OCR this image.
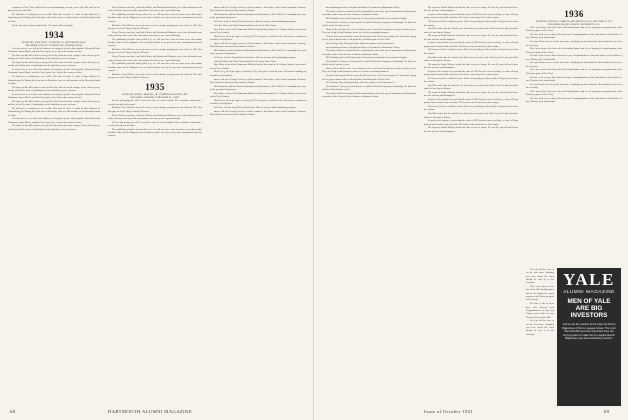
responses in New York. John has been in broadcasting for nine years with ABC and for the past two years with CBS.

We still have a wedding once in a while. This time it's June 1, a date of Dan Hackett's in Johnsonburg, Pa. During all of his time in Brooklyn, June is a full member of the Brooklyn board of Trade.

By the time this column is printed the '33 crowd will be set again.

1934
Secretary, John Foley, 27 Beverly St., Winchester, Mass.
Treasurer, Bob Gee, 2 Parkway Rd., Boxford, Mass.

It seems now we are still at the business of trying to get the class together. Memorial Fund Chairman, James Muriel, and the Class Agent, Leo, look to the reunion of June.

The hope for this fall is that we can get all of the class out of the ravages of the old war years, and the job will be done. Contributions to the fund this year are welcome.

The hope for this fall is that we can get all of the class out of the ravages of the old war years, and the job will be done. Contributions to the fund this year are welcome.

It seems now we are still at the business of trying to get the class together. Memorial Fund Chairman, James Muriel, and the Class Agent, Leo, look to the reunion of June.

We still have a wedding once in a while. This time it's June 1, a date of Dan Hackett's in Johnsonburg, Pa. During all of his time in Brooklyn, June is a full member of the Brooklyn board of Trade.

The hope for this fall is that we can get all of the class out of the ravages of the old war years, and the job will be done. Contributions to the fund this year are welcome.

It seems now we are still at the business of trying to get the class together. Memorial Fund Chairman, James Muriel, and the Class Agent, Leo, look to the reunion of June.

The hope for this fall is that we can get all of the class out of the ravages of the old war years, and the job will be done. Contributions to the fund this year are welcome.

We still have a wedding once in a while. This time it's June 1, a date of Dan Hackett's in Johnsonburg, Pa. During all of his time in Brooklyn, June is a full member of the Brooklyn board of Trade.

It seems now we are still at the business of trying to get the class together. Memorial Fund Chairman, James Muriel, and the Class Agent, Leo, look to the reunion of June.

The hope for this fall is that we can get all of the class out of the ravages of the old war years, and the job will be done. Contributions to the fund this year are welcome.

Henry Theurer was there, and Jack Gilbert, and Dennis and Harrison, two of the stalwarts in our ranks who have been out of the class picture for some years. A good showing.

The publishing schedule being what it is, we will not have room for more news this month. Deadline dates for the Magazine are too short to allow us to get in any more information from the reunion.

Mention of Fred Weise's son in the news we have another young man in the Class of 1955 who has gone on to the Thayer School. Welcome.

Henry Theurer was there, and Jack Gilbert, and Dennis and Harrison, two of the stalwarts in our ranks who have been out of the class picture for some years. A good showing.

The publishing schedule being what it is, we will not have room for more news this month. Deadline dates for the Magazine are too short to allow us to get in any more information from the reunion.

Mention of Fred Weise's son in the news we have another young man in the Class of 1955 who has gone on to the Thayer School. Welcome.

Henry Theurer was there, and Jack Gilbert, and Dennis and Harrison, two of the stalwarts in our ranks who have been out of the class picture for some years. A good showing.

The publishing schedule being what it is, we will not have room for more news this month. Deadline dates for the Magazine are too short to allow us to get in any more information from the reunion.

Mention of Fred Weise's son in the news we have another young man in the Class of 1955 who has gone on to the Thayer School. Welcome.

1935
Secretary, Mark J. Driscoll, Jr., Computer Associates, Inc.
Treasurer, Sam Heim, 76 Bleecker St., Conn.

We are still getting the old '35 crowd to write in to this column. The committee announced a record class gift for the fund.

Mention of Fred Weise's son in the news we have another young man in the Class of 1955 who has gone on to the Thayer School. Welcome.

Henry Theurer was there, and Jack Gilbert, and Dennis and Harrison, two of the stalwarts in our ranks who have been out of the class picture for some years. A good showing.

We are still getting the old '35 crowd to write in to this column. The committee announced a record class gift for the fund.

The publishing schedule being what it is, we will not have room for more news this month. Deadline dates for the Magazine are too short to allow us to get in any more information from the reunion.

ations with the Foreign Service in both countries. Bob Bruce writes from Frankfurt Germany. Mort Schaeffer has moved his family to Florida.

Bill Sanford is with the Board of Education and Recruitment, New York. He is rounding out a year in the personnel department.

Ed Crowe is in the Crystal Lake Beach area. His two sons are both outstanding campers.

And Jim Jolly is the Dick Eschrich added to the Great Lakes Team.

Don Haley is out of the Dartmouth Medical School this month as Lt. Johnny Stanley was moved east to New London.

Dick Lacey, the legal eagle of Concord, N.H., has gone in with the firm. He has been making an enviable record up there.

ations with the Foreign Service in both countries. Bob Bruce writes from Frankfurt Germany. Mort Schaeffer has moved his family to Florida.

Bill Sanford is with the Board of Education and Recruitment, New York. He is rounding out a year in the personnel department.

Ed Crowe is in the Crystal Lake Beach area. His two sons are both outstanding campers.

And Jim Jolly is the Dick Eschrich added to the Great Lakes Team.

Don Haley is out of the Dartmouth Medical School this month as Lt. Johnny Stanley was moved east to New London.

Dick Lacey, the legal eagle of Concord, N.H., has gone in with the firm. He has been making an enviable record up there.

ations with the Foreign Service in both countries. Bob Bruce writes from Frankfurt Germany. Mort Schaeffer has moved his family to Florida.

Bill Sanford is with the Board of Education and Recruitment, New York. He is rounding out a year in the personnel department.

Don Haley is out of the Dartmouth Medical School this month as Lt. Johnny Stanley was moved east to New London.

Dick Lacey, the legal eagle of Concord, N.H., has gone in with the firm. He has been making an enviable record up there.

Ed Crowe is in the Crystal Lake Beach area. His two sons are both outstanding campers.

ations with the Foreign Service in both countries. Bob Bruce writes from Frankfurt Germany. Mort Schaeffer has moved his family to Florida.

68	DARTMOUTH ALUMNI MAGAZINE

and assistant professor of English and Dean of Freshmen at Dartmouth College.

The article failed to mention that Ed is authoritative also in the speech department at Dartmouth, a member of the Council on the Conduct of Students Affairs.

Bill Gallagher has left the University of Vermont as coach and is now coach at Colgate.

From Davis C. Cheney we hear that he is with the Electric Company in Cambridge. He has been with it for the last three years.

Barry Geller and his wife were in Hanover for a visit after having been away for three years. They are living in San Francisco where he is in the accounting business.

Gordon Lenz reports that he is now the director of the New Jersey chapter. He says that is going to be a great reunion and he will attend the Columbia game in New York.

Pete Stirling, Tony Young and Dave Sims are partners in the Sherman Co.

and assistant professor of English and Dean of Freshmen at Dartmouth College.

The article failed to mention that Ed is authoritative also in the speech department at Dartmouth, a member of the Council on the Conduct of Students Affairs.

Bill Gallagher has left the University of Vermont as coach and is now coach at Colgate.

From Davis C. Cheney we hear that he is with the Electric Company in Cambridge. He has been with it for the last three years.

Barry Geller and his wife were in Hanover for a visit after having been away for three years. They are living in San Francisco where he is in the accounting business.

Gordon Lenz reports that he is now the director of the New Jersey chapter. He says that is going to be a great reunion and he will attend the Columbia game in New York.

Pete Stirling, Tony Young and Dave Sims are partners in the Sherman Co.

From Davis C. Cheney we hear that he is with the Electric Company in Cambridge. He has been with it for the last three years.

The article failed to mention that Ed is authoritative also in the speech department at Dartmouth, a member of the Council on the Conduct of Students Affairs.

His report of Dutch Wilson's death last June is news to many. He was 45 years old and leaves his wife and two small daughters.

In spite of the number of years that the class of 1936 has been out of college, we have all kept pretty much in touch with each other. The letters come from all over the country.

We know you like to read these notes. Please keep writing to John, and he will get the news into the column.

Ray Ellis writes that he is back in the East after two years on the West Coast. He has joined the staff of a law firm in Boston.

His report of Dutch Wilson's death last June is news to many. He was 45 years old and leaves his wife and two small daughters.

In spite of the number of years that the class of 1936 has been out of college, we have all kept pretty much in touch with each other. The letters come from all over the country.

We know you like to read these notes. Please keep writing to John, and he will get the news into the column.

Ray Ellis writes that he is back in the East after two years on the West Coast. He has joined the staff of a law firm in Boston.

His report of Dutch Wilson's death last June is news to many. He was 45 years old and leaves his wife and two small daughters.

In spite of the number of years that the class of 1936 has been out of college, we have all kept pretty much in touch with each other. The letters come from all over the country.

We know you like to read these notes. Please keep writing to John, and he will get the news into the column.

Ray Ellis writes that he is back in the East after two years on the West Coast. He has joined the staff of a law firm in Boston.

His report of Dutch Wilson's death last June is news to many. He was 45 years old and leaves his wife and two small daughters.

In spite of the number of years that the class of 1936 has been out of college, we have all kept pretty much in touch with each other. The letters come from all over the country.

We know you like to read these notes. Please keep writing to John, and he will get the news into the column.

Ray Ellis writes that he is back in the East after two years on the West Coast. He has joined the staff of a law firm in Boston.

In spite of the number of years that the class of 1936 has been out of college, we have all kept pretty much in touch with each other. The letters come from all over the country.

His report of Dutch Wilson's death last June is news to many. He was 45 years old and leaves his wife and two small daughters.

1936
Secretary, Donald C. Simpson, 420 Lexington Ave., New York 17, N.Y.
Treasurer, Roger E. Beattie, Providence 3, R.I.

We're now down to the last of the fall football games and we are hoping for a good turnout at the Princeton game in New York.

We have a bit of news that will interest you. Congratulations to Ray and Jeanne on the birth of a son, Thomas, their fourth child.

Let's get all the news in for the next issue. Anything you hear about the class should be sent on to the secretary.

We're now down to the last of the fall football games and we are hoping for a good turnout at the Princeton game in New York.

We have a bit of news that will interest you. Congratulations to Ray and Jeanne on the birth of a son, Thomas, their fourth child.

Let's get all the news in for the next issue. Anything you hear about the class should be sent on to the secretary.

We're now down to the last of the fall football games and we are hoping for a good turnout at the Princeton game in New York.

We have a bit of news that will interest you. Congratulations to Ray and Jeanne on the birth of a son, Thomas, their fourth child.

Let's get all the news in for the next issue. Anything you hear about the class should be sent on to the secretary.

We're now down to the last of the fall football games and we are hoping for a good turnout at the Princeton game in New York.

We have a bit of news that will interest you. Congratulations to Ray and Jeanne on the birth of a son, Thomas, their fourth child.

Let's get all the news in for the next issue. Anything you hear about the class should be sent on to the secretary.

We're now down to the last of the fall football games and we are hoping for a good turnout at the Princeton game in New York.

We have a bit of news that will interest you. Congratulations to Ray and Jeanne on the birth of a son, Thomas, their fourth child.

Let's get all the news in for the next issue. Anything you hear about the class should be sent on to the secretary.

YALE
ALUMNI MAGAZINE
MEN OF YALE ARE BIG INVESTORS
And so are the readers of the other six Alumni Magazines of the Ivy League Group. The more than 160,000 men who read them have the buying power to make the Ivy League Alumni Magazines your best advertising medium.
Issue of October 1951	69
